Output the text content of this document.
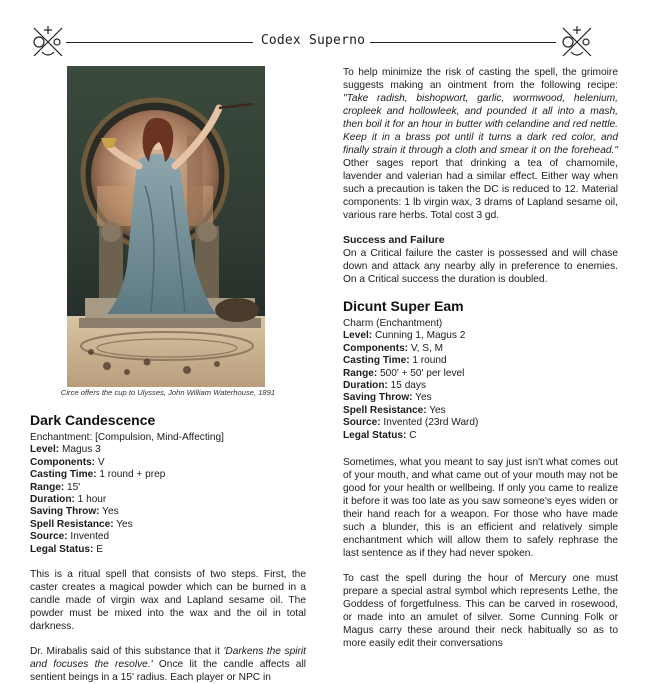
Codex Superno
Circe offers the cup to Ulysses, John William Waterhouse, 1891
Dark Candescence
Enchantment: [Compulsion, Mind-Affecting]
Level: Magus 3
Components: V
Casting Time: 1 round + prep
Range: 15'
Duration: 1 hour
Saving Throw: Yes
Spell Resistance: Yes
Source: Invented
Legal Status: E

This is a ritual spell that consists of two steps. First, the caster creates a magical powder which can be burned in a candle made of virgin wax and Lapland sesame oil. The powder must be mixed into the wax and the oil in total darkness.

Dr. Mirabalis said of this substance that it 'Darkens the spirit and focuses the resolve.' Once lit the candle affects all sentient beings in a 15' radius. Each player or NPC in

To help minimize the risk of casting the spell, the grimoire suggests making an ointment from the following recipe: "Take radish, bishopwort, garlic, wormwood, helenium, cropleek and hollowleek, and pounded it all into a mash, then boil it for an hour in butter with celandine and red nettle. Keep it in a brass pot until it turns a dark red color, and finally strain it through a cloth and smear it on the forehead." Other sages report that drinking a tea of chamomile, lavender and valerian had a similar effect. Either way when such a precaution is taken the DC is reduced to 12. Material components: 1 lb virgin wax, 3 drams of Lapland sesame oil, various rare herbs. Total cost 3 gd.

Success and Failure

On a Critical failure the caster is possessed and will chase down and attack any nearby ally in preference to enemies. On a Critical success the duration is doubled.

Dicunt Super Eam
Charm (Enchantment)
Level: Cunning 1, Magus 2
Components: V, S, M
Casting Time: 1 round
Range: 500' + 50' per level
Duration: 15 days
Saving Throw: Yes
Spell Resistance: Yes
Source: Invented (23rd Ward)
Legal Status: C

Sometimes, what you meant to say just isn't what comes out of your mouth, and what came out of your mouth may not be good for your health or wellbeing. If only you came to realize it before it was too late as you saw someone's eyes widen or their hand reach for a weapon. For those who have made such a blunder, this is an efficient and relatively simple enchantment which will allow them to safely rephrase the last sentence as if they had never spoken.

To cast the spell during the hour of Mercury one must prepare a special astral symbol which represents Lethe, the Goddess of forgetfulness. This can be carved in rosewood, or made into an amulet of silver. Some Cunning Folk or Magus carry these around their neck habitually so as to more easily edit their conversations
